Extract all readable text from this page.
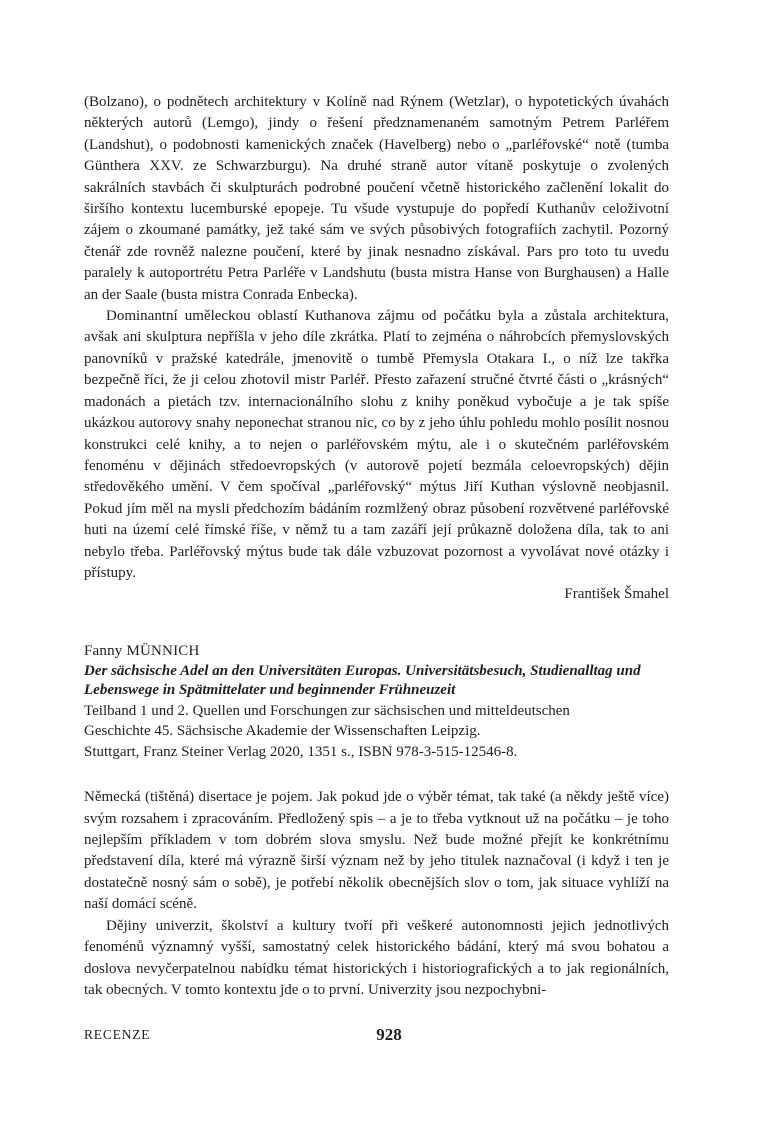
(Bolzano), o podnětech architektury v Kolíně nad Rýnem (Wetzlar), o hypotetických úvahách některých autorů (Lemgo), jindy o řešení předznamenaném samotným Petrem Parléřem (Landshut), o podobnosti kamenických značek (Havelberg) nebo o „parléřovské“ notě (tumba Günthera XXV. ze Schwarzburgu). Na druhé straně autor vítaně poskytuje o zvolených sakrálních stavbách či skulpturách podrobné poučení včetně historického začlenění lokalit do širšího kontextu lucemburské epopeje. Tu všude vystupuje do popředí Kuthanův celoživotní zájem o zkoumané památky, jež také sám ve svých působivých fotografiích zachytil. Pozorný čtenář zde rovněž nalezne poučení, které by jinak nesnadno získával. Pars pro toto tu uvedu paralely k autoportrétu Petra Parléře v Landshutu (busta mistra Hanse von Burghausen) a Halle an der Saale (busta mistra Conrada Enbecka).

Dominantní uměleckou oblastí Kuthanova zájmu od počátku byla a zůstala architektura, avšak ani skulptura nepříšla v jeho díle zkrátka. Platí to zejména o náhrobcích přemyslovských panovníků v pražské katedrále, jmenovitě o tumbě Přemysla Otakara I., o níž lze takřka bezpečně říci, že ji celou zhotovil mistr Parléř. Přesto zařazení stručné čtvrté části o „krásných“ madonách a pietách tzv. internacionálního slohu z knihy poněkud vybočuje a je tak spíše ukázkou autorovy snahy neponechat stranou nic, co by z jeho úhlu pohledu mohlo posílit nosnou konstrukci celé knihy, a to nejen o parléřovském mýtu, ale i o skutečném parléřovském fenoménu v dějinách středoevropských (v autorově pojetí bezmála celoevropských) dějin středověkého umění. V čem spočíval „parléřovský“ mýtus Jiří Kuthan výslovně neobjasnil. Pokud jím měl na mysli předchozím bádáním rozmlžený obraz působení rozvětvené parléřovské huti na území celé římské říše, v němž tu a tam zazáří její průkazně doložena díla, tak to ani nebylo třeba. Parléřovský mýtus bude tak dále vzbuzovat pozornost a vyvolávat nové otázky i přístupy.

František Šmahel

Fanny MÜNNICH
Der sächsische Adel an den Universitäten Europas. Universitätsbesuch, Studienalltag und Lebenswege in Spätmittelater und beginnender Frühneuzeit
Teilband 1 und 2. Quellen und Forschungen zur sächsischen und mitteldeutschen
Geschichte 45. Sächsische Akademie der Wissenschaften Leipzig.
Stuttgart, Franz Steiner Verlag 2020, 1351 s., ISBN 978-3-515-12546-8.

Německá (tištěná) disertace je pojem. Jak pokud jde o výběr témat, tak také (a někdy ještě více) svým rozsahem i zpracováním. Předložený spis – a je to třeba vytknout už na počátku – je toho nejlepším příkladem v tom dobrém slova smyslu. Než bude možné přejít ke konkrétnímu představení díla, které má výrazně širší význam než by jeho titulek naznačoval (i když i ten je dostatečně nosný sám o sobě), je potřebí několik obecnějších slov o tom, jak situace vyhlíží na naší domácí scéně.

Dějiny univerzit, školství a kultury tvoří při veškeré autonomnosti jejich jednotlivých fenoménů významný vyšší, samostatný celek historického bádání, který má svou bohatou a doslova nevyčerpatelnou nabídku témat historických i historiografických a to jak regionálních, tak obecných. V tomto kontextu jde o to první. Univerzity jsou nezpochybni-

RECENZE	928
